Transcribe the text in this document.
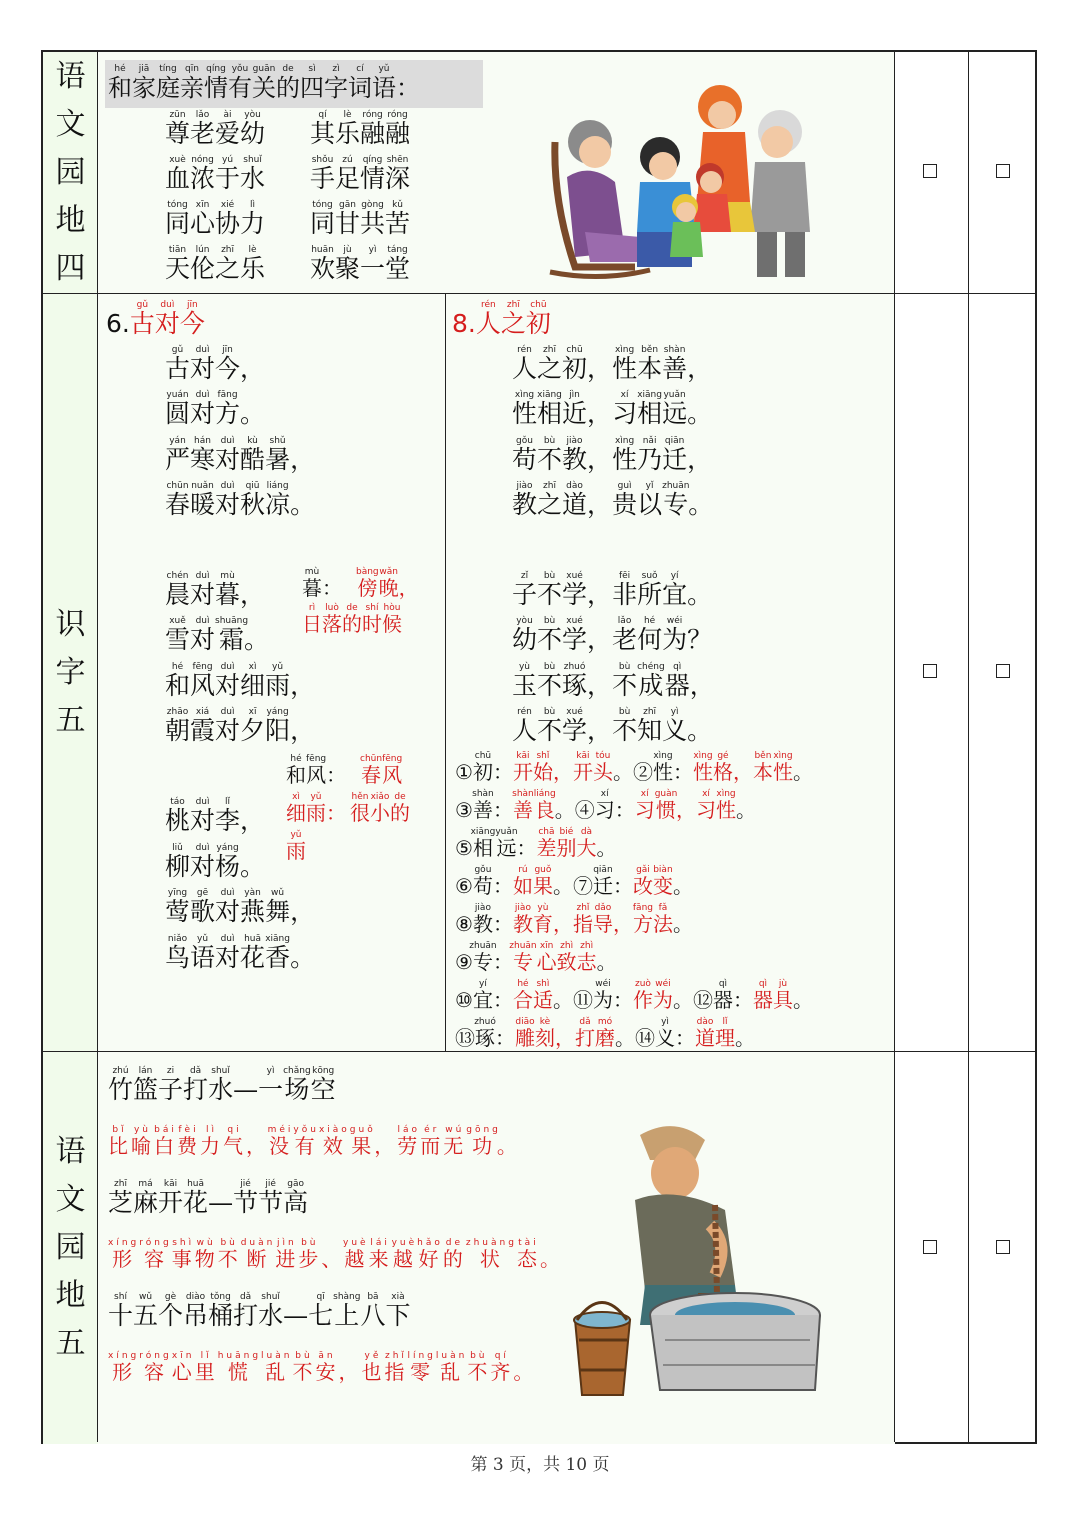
语
文
园
地
四
识
字
五
语
文
园
地
五
和hé家jiā庭tíng亲qīn情qíng有yǒu关guān的de四sì字zì词cí语yǔ：
尊zūn老lǎo爱ài幼yòu
其qí乐lè融róng融róng
血xuè浓nóng于yú水shuǐ
手shǒu足zú情qíng深shēn
同tóng心xīn协xié力lì
同tóng甘gān共gòng苦kǔ
天tiān伦lún之zhī乐lè
欢huān聚jù一yì堂táng
6.古gǔ对duì今jīn
古gǔ对duì今jīn，
圆yuán对duì方fāng。
严yán寒hán对duì酷kù暑shǔ，
春chūn暖nuǎn对duì秋qiū凉liáng。
晨chén对duì暮mù，
雪xuě对duì霜shuāng。
和hé风fēng对duì细xì雨yǔ，
朝zhāo霞xiá对duì夕xī阳yáng，
桃táo对duì李lǐ，
柳liǔ对duì杨yáng。
莺yīng歌gē对duì燕yàn舞wǔ，
鸟niǎo语yǔ对duì花huā香xiāng。
暮mù： 傍bàng晚wǎn，
日rì落luò的de时shí候hòu
和hé风fēng： 春chūn风fēng
细xì雨yǔ： 很hěn小xiǎo的de
雨yǔ
8.人rén之zhī初chū
人rén之zhī初chū，性xìng本běn善shàn，
性xìng相xiāng近jìn，习xí相xiāng远yuǎn。
苟gǒu不bù教jiào，性xìng乃nǎi迁qiān，
教jiào之zhī道dào，贵guì以yǐ专zhuān。
子zǐ不bù学xué，非fēi所suǒ宜yí。
幼yòu不bù学xué，老lǎo何hé为wéi？
玉yù不bù琢zhuó，不bù成chéng器qì，
人rén不bù学xué，不bù知zhī义yì。
①初chū：开kāi始shǐ，开kāi头tóu。②性xìng：性xìng格gé，本běn性xìng。
③善shàn：善shàn良liáng。④习xí：习xí惯guàn，习xí性xìng。
⑤相xiāng远yuǎn：差chā别bié大dà。
⑥苟gǒu：如rú果guǒ。⑦迁qiān：改gǎi变biàn。
⑧教jiào：教jiào育yù，指zhǐ导dǎo，方fāng法fǎ。
⑨专zhuān：专zhuān心xīn致zhì志zhì。
⑩宜yí：合hé适shì。⑪为wéi：作zuò为wéi。⑫器qì：器qì具jù。
⑬琢zhuó：雕diāo刻kè，打dǎ磨mó。⑭义yì：道dào理lǐ。
竹zhú篮lán子zi打dǎ水shuǐ—一yì场chǎng空kōng
比bǐ喻yù白bái费fèi力lì气qi，没méi有yǒu效xiào果guǒ，劳láo而ér无wú功gōng。
芝zhī麻má开kāi花huā—节jié节jié高gāo
形xíng容róng事shì物wù不bù断duàn进jìn步bù、越yuè来lái越yuè好hǎo的de状zhuàng态tài。
十shí五wǔ个gè吊diào桶tǒng打dǎ水shuǐ—七qī上shàng八bā下xià
形xíng容róng心xīn里lǐ慌huāng乱luàn不bù安ān，也yě指zhǐ零líng乱luàn不bù齐qí。
第 3 页，共 10 页
